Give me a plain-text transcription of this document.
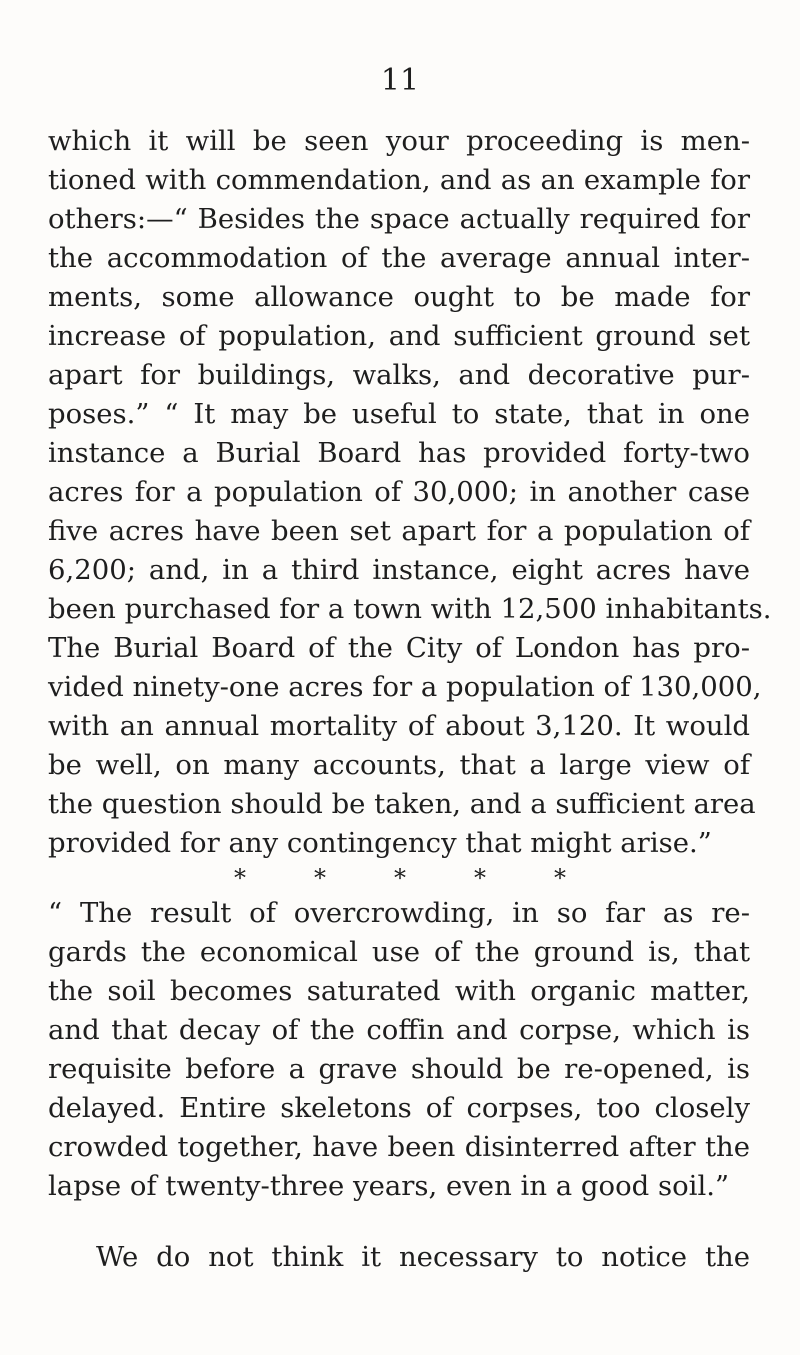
11
which it will be seen your proceeding is men-
tioned with commendation, and as an example for
others:—“ Besides the space actually required for
the accommodation of the average annual inter-
ments, some allowance ought to be made for
increase of population, and sufficient ground set
apart for buildings, walks, and decorative pur-
poses.” “ It may be useful to state, that in one
instance a Burial Board has provided forty-two
acres for a population of 30,000; in another case
five acres have been set apart for a population of
6,200; and, in a third instance, eight acres have
been purchased for a town with 12,500 inhabitants.
The Burial Board of the City of London has pro-
vided ninety-one acres for a population of 130,000,
with an annual mortality of about 3,120. It would
be well, on many accounts, that a large view of
the question should be taken, and a sufficient area
provided for any contingency that might arise.”
*	*	*	*	*
“ The result of overcrowding, in so far as re-
gards the economical use of the ground is, that
the soil becomes saturated with organic matter,
and that decay of the coffin and corpse, which is
requisite before a grave should be re-opened, is
delayed. Entire skeletons of corpses, too closely
crowded together, have been disinterred after the
lapse of twenty-three years, even in a good soil.”
We do not think it necessary to notice the
